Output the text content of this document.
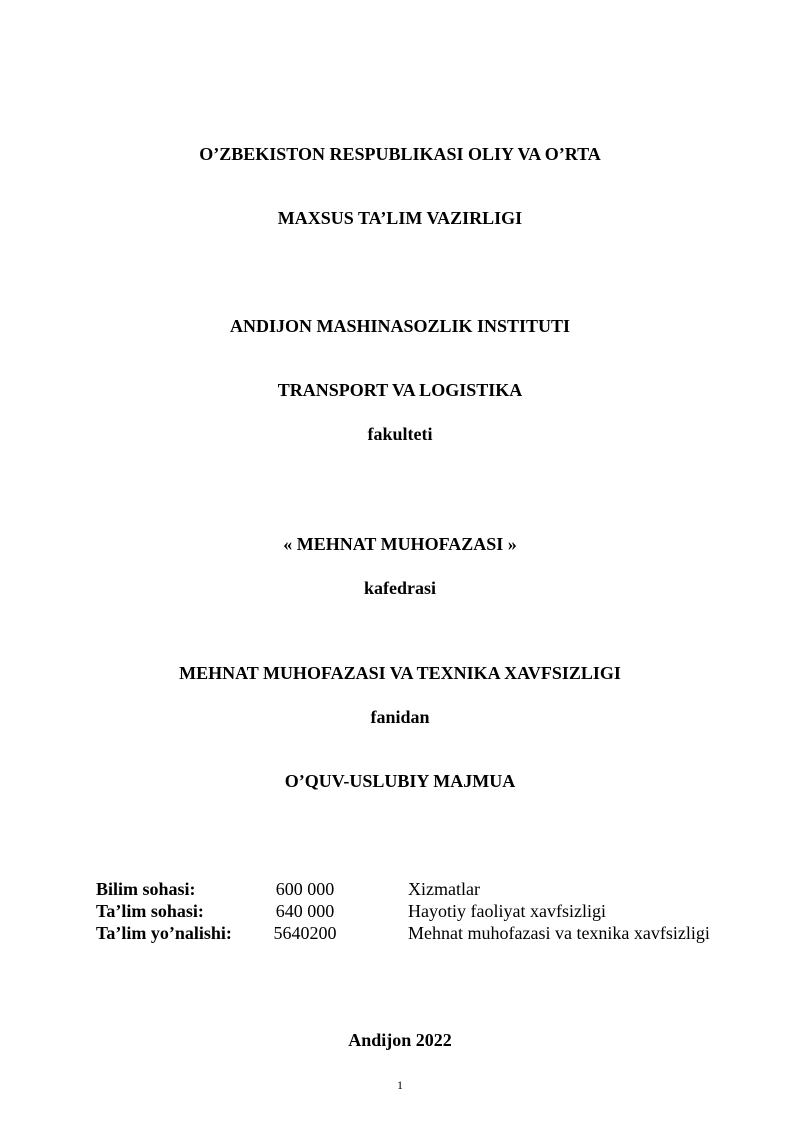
O’ZBEKISTON RESPUBLIKASI OLIY VA O’RTA
MAXSUS TA’LIM VAZIRLIGI
ANDIJON MASHINASOZLIK INSTITUTI
TRANSPORT VA LOGISTIKA
fakulteti
« MEHNAT MUHOFAZASI »
kafedrasi
MEHNAT MUHOFAZASI VA TEXNIKA XAVFSIZLIGI
fanidan
O’QUV-USLUBIY MAJMUA
Bilim sohasi:	600 000	Xizmatlar
Ta’lim sohasi:	640 000	Hayotiy faoliyat xavfsizligi
Ta’lim yo’nalishi: 5640200	Mehnat muhofazasi va texnika xavfsizligi
Andijon 2022
1
